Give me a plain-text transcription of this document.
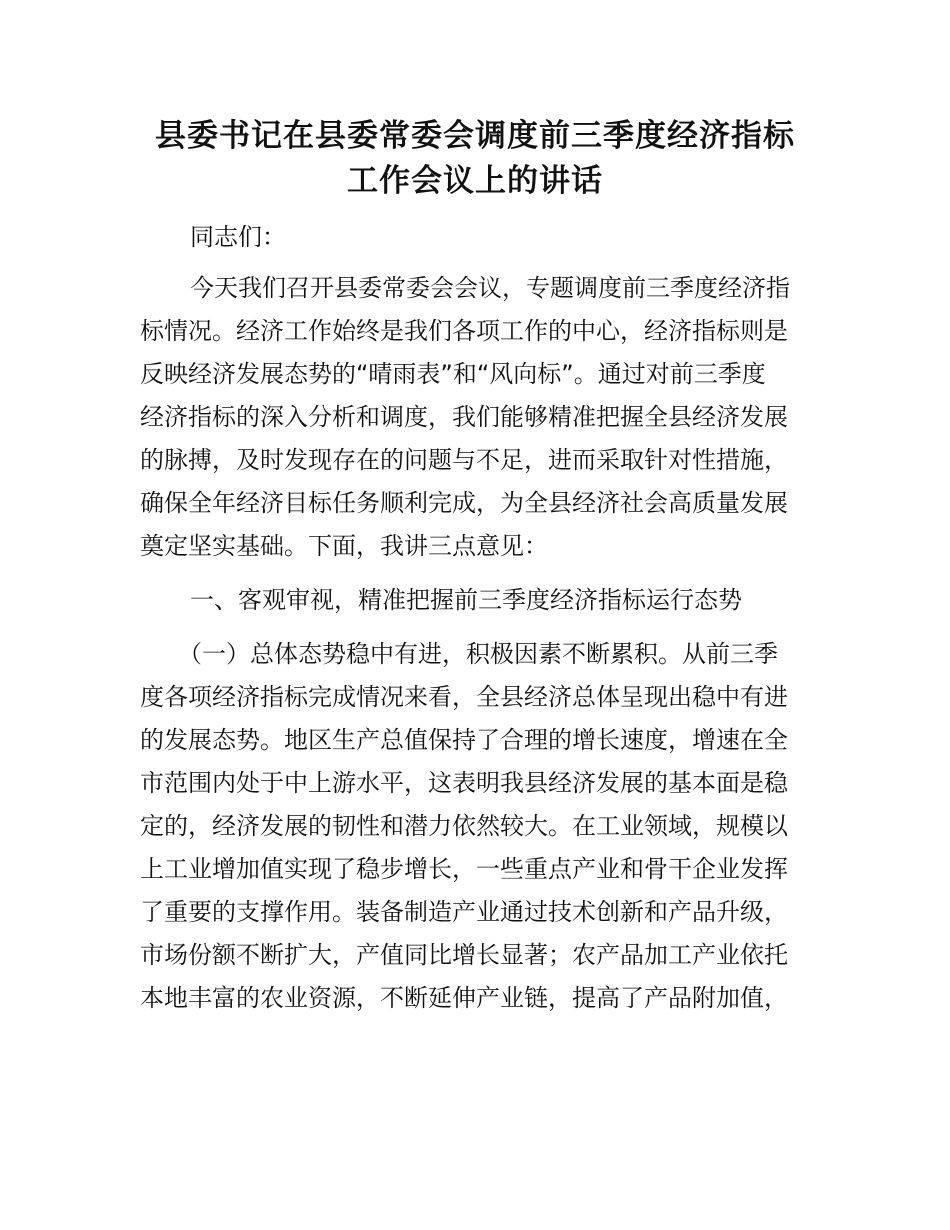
县委书记在县委常委会调度前三季度经济指标
工作会议上的讲话
同志们：
今天我们召开县委常委会会议，专题调度前三季度经济指
标情况。经济工作始终是我们各项工作的中心，经济指标则是
反映经济发展态势的“晴雨表”和“风向标”。通过对前三季度
经济指标的深入分析和调度，我们能够精准把握全县经济发展
的脉搏，及时发现存在的问题与不足，进而采取针对性措施，
确保全年经济目标任务顺利完成，为全县经济社会高质量发展
奠定坚实基础。下面，我讲三点意见：
一、客观审视，精准把握前三季度经济指标运行态势
（一）总体态势稳中有进，积极因素不断累积。从前三季
度各项经济指标完成情况来看，全县经济总体呈现出稳中有进
的发展态势。地区生产总值保持了合理的增长速度，增速在全
市范围内处于中上游水平，这表明我县经济发展的基本面是稳
定的，经济发展的韧性和潜力依然较大。在工业领域，规模以
上工业增加值实现了稳步增长，一些重点产业和骨干企业发挥
了重要的支撑作用。装备制造产业通过技术创新和产品升级，
市场份额不断扩大，产值同比增长显著；农产品加工产业依托
本地丰富的农业资源，不断延伸产业链，提高了产品附加值，
